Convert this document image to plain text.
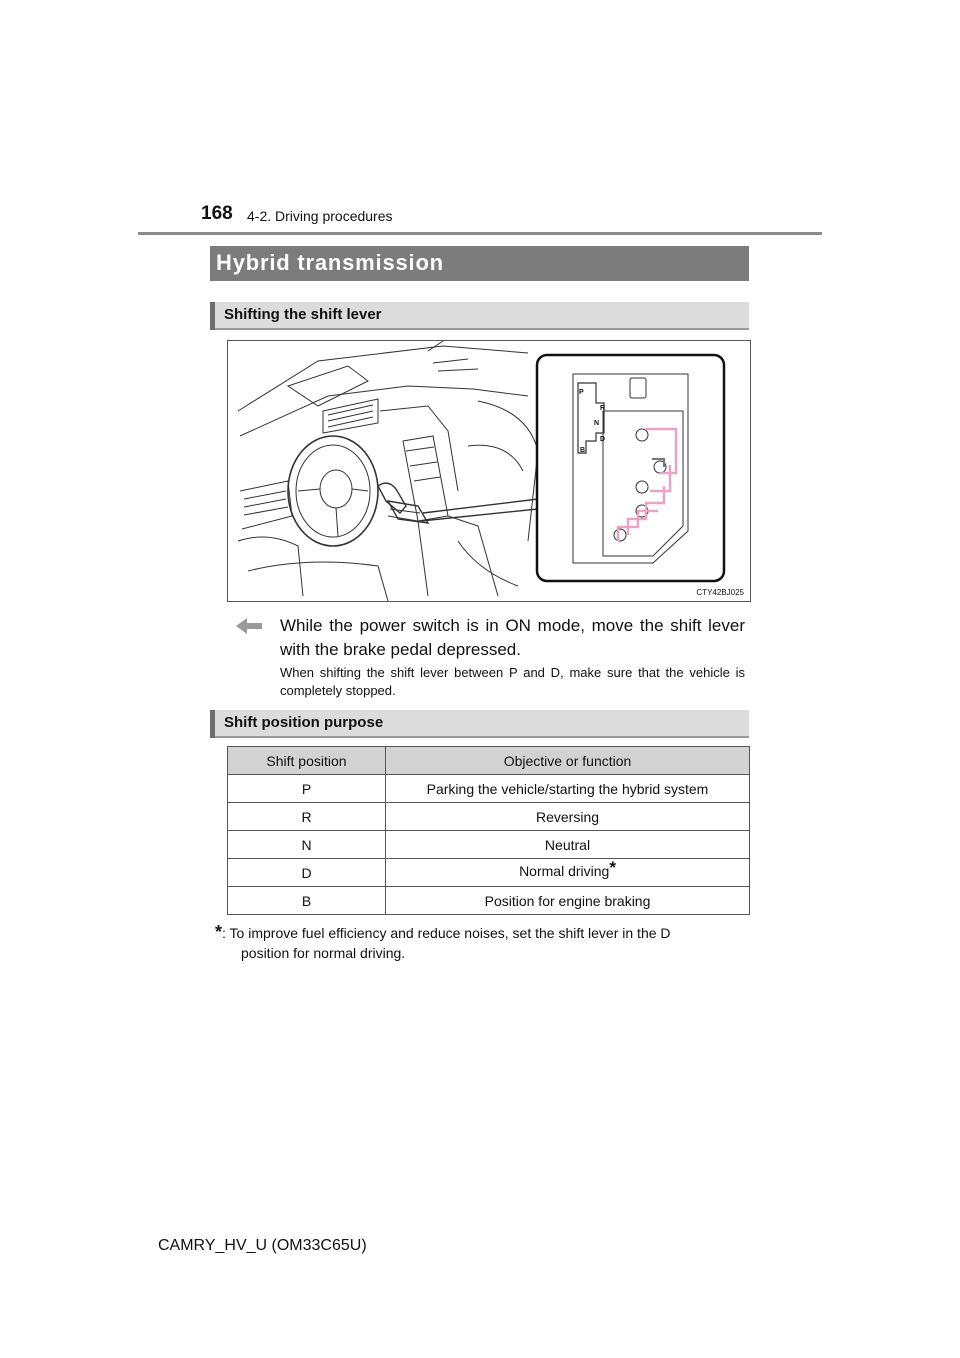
168 4-2. Driving procedures
Hybrid transmission
Shifting the shift lever
P
R
N
D
B
CTY42BJ025
While the power switch is in ON mode, move the shift lever with the brake pedal depressed.
When shifting the shift lever between P and D, make sure that the vehicle is completely stopped.
Shift position purpose
Shift position	Objective or function
P	Parking the vehicle/starting the hybrid system
R	Reversing
N	Neutral
D	Normal driving*
B	Position for engine braking
*: To improve fuel efficiency and reduce noises, set the shift lever in the D
position for normal driving.
CAMRY_HV_U (OM33C65U)
